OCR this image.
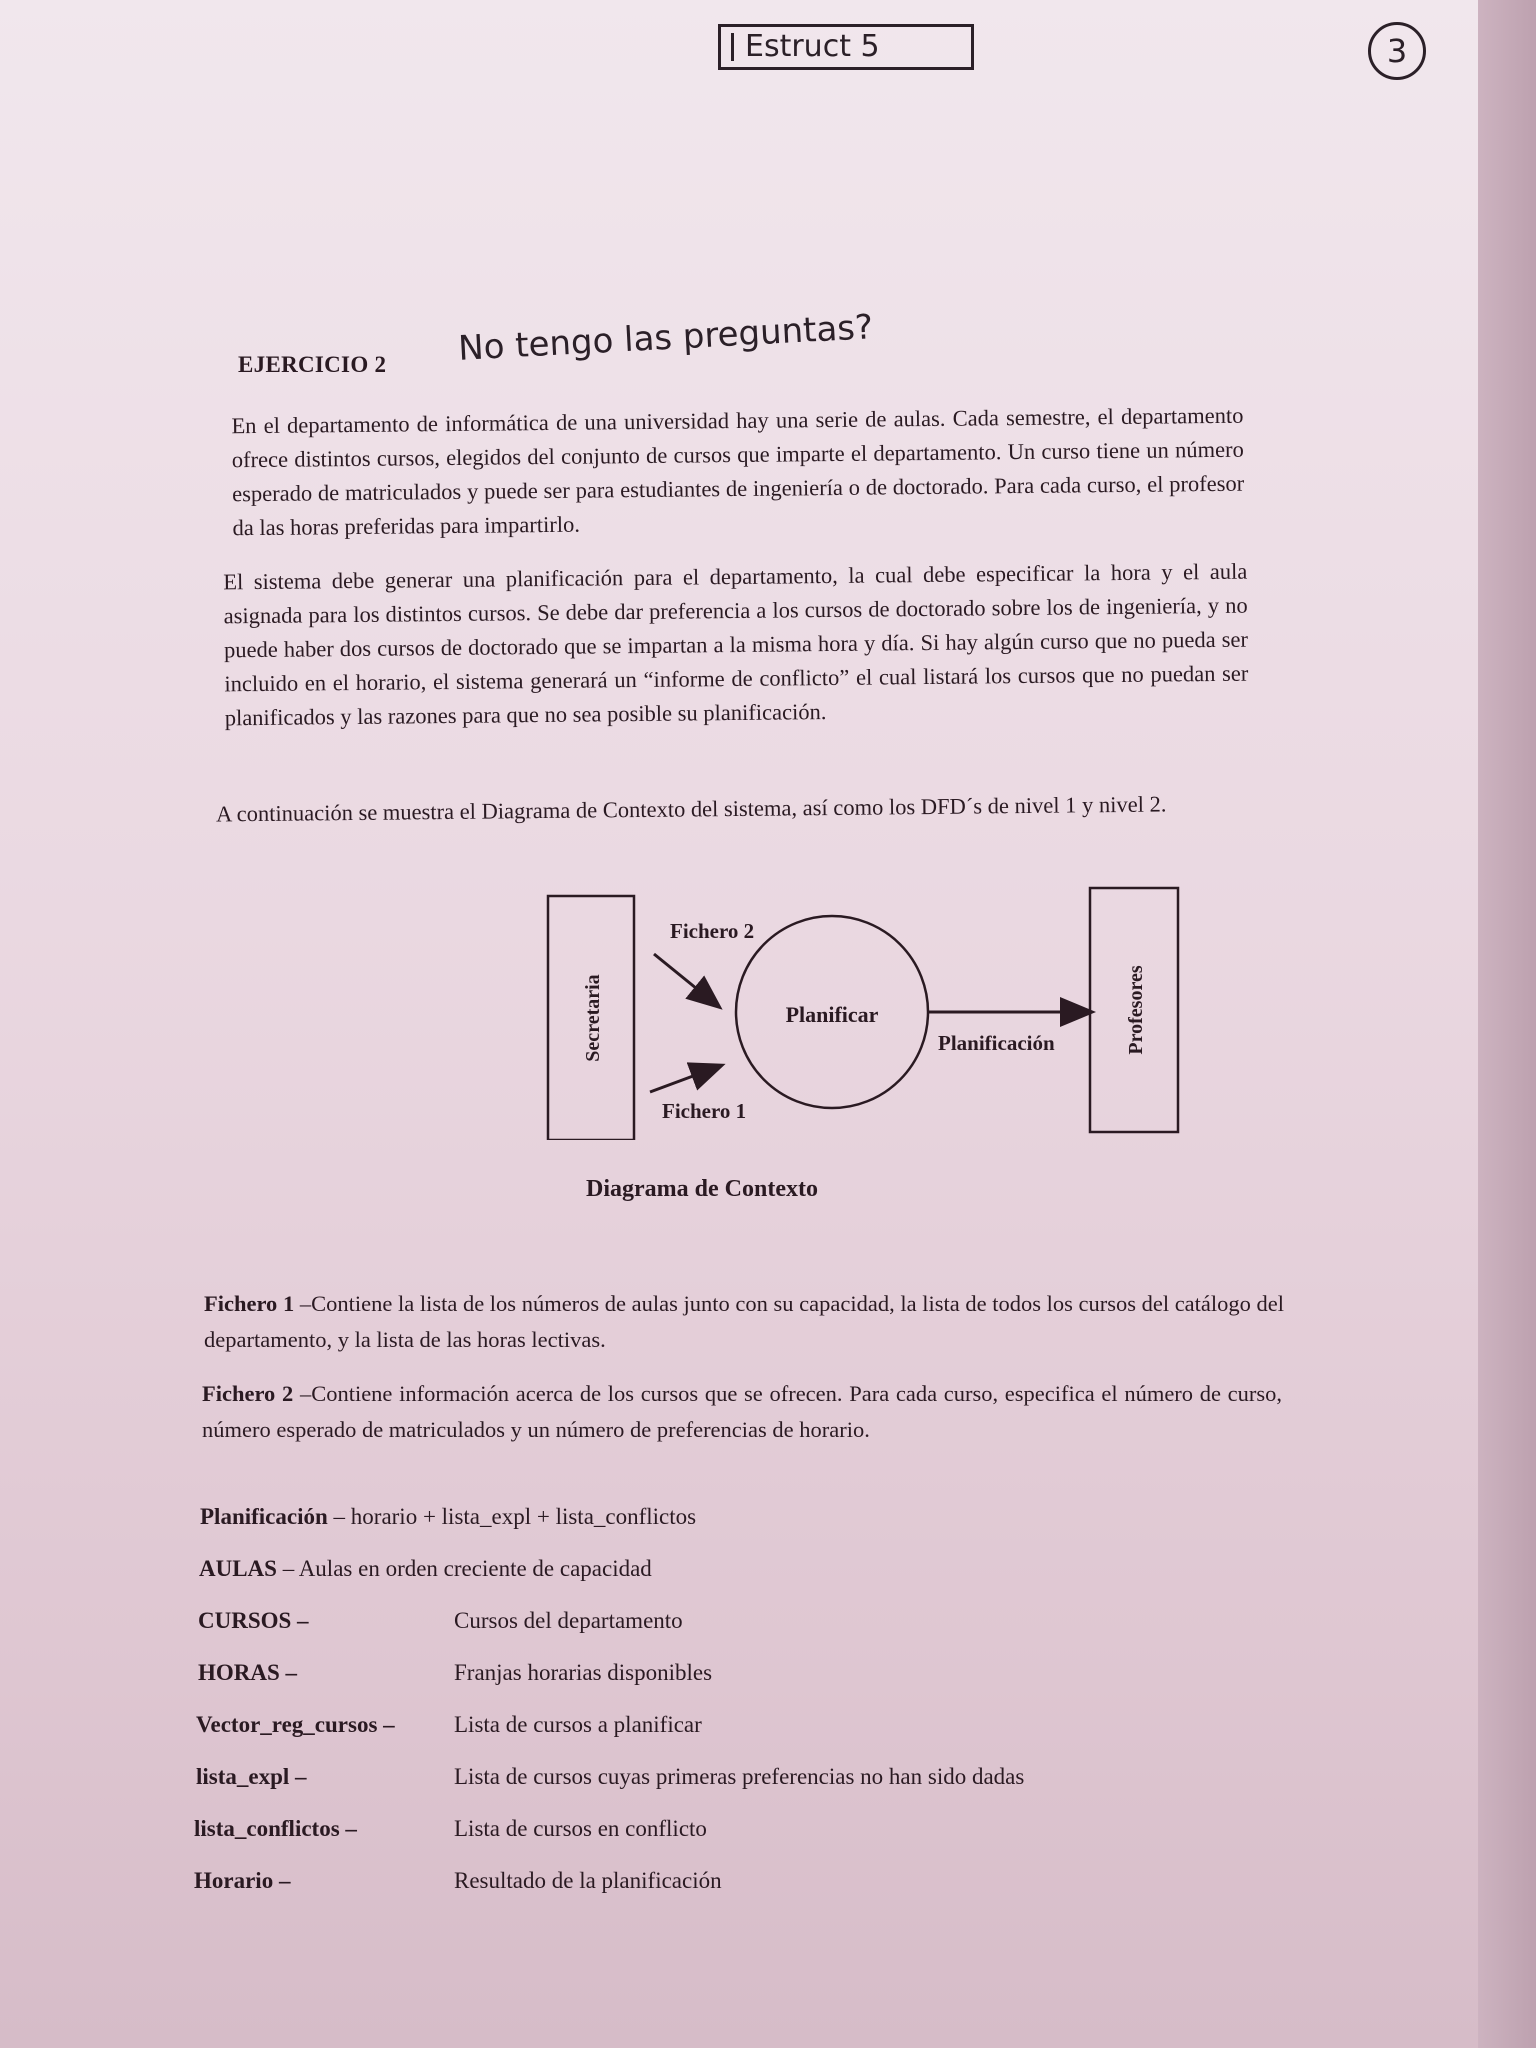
Estruct 5	3
EJERCICIO 2 No tengo las preguntas?
En el departamento de informática de una universidad hay una serie de aulas. Cada semestre, el departamento ofrece distintos cursos, elegidos del conjunto de cursos que imparte el departamento. Un curso tiene un número esperado de matriculados y puede ser para estudiantes de ingeniería o de doctorado. Para cada curso, el profesor da las horas preferidas para impartirlo.
El sistema debe generar una planificación para el departamento, la cual debe especificar la hora y el aula asignada para los distintos cursos. Se debe dar preferencia a los cursos de doctorado sobre los de ingeniería, y no puede haber dos cursos de doctorado que se impartan a la misma hora y día. Si hay algún curso que no pueda ser incluido en el horario, el sistema generará un “informe de conflicto” el cual listará los cursos que no puedan ser planificados y las razones para que no sea posible su planificación.
A continuación se muestra el Diagrama de Contexto del sistema, así como los DFD´s de nivel 1 y nivel 2.
Secretaria	Planificar	Profesores
Fichero 2
Fichero 1
Planificación
Diagrama de Contexto
Fichero 1 –Contiene la lista de los números de aulas junto con su capacidad, la lista de todos los cursos del catálogo del departamento, y la lista de las horas lectivas.
Fichero 2 –Contiene información acerca de los cursos que se ofrecen. Para cada curso, especifica el número de curso, número esperado de matriculados y un número de preferencias de horario.
Planificación – horario + lista_expl + lista_conflictos
AULAS – Aulas en orden creciente de capacidad
CURSOS –	Cursos del departamento
HORAS –	Franjas horarias disponibles
Vector_reg_cursos –	Lista de cursos a planificar
lista_expl –	Lista de cursos cuyas primeras preferencias no han sido dadas
lista_conflictos –	Lista de cursos en conflicto
Horario –	Resultado de la planificación
